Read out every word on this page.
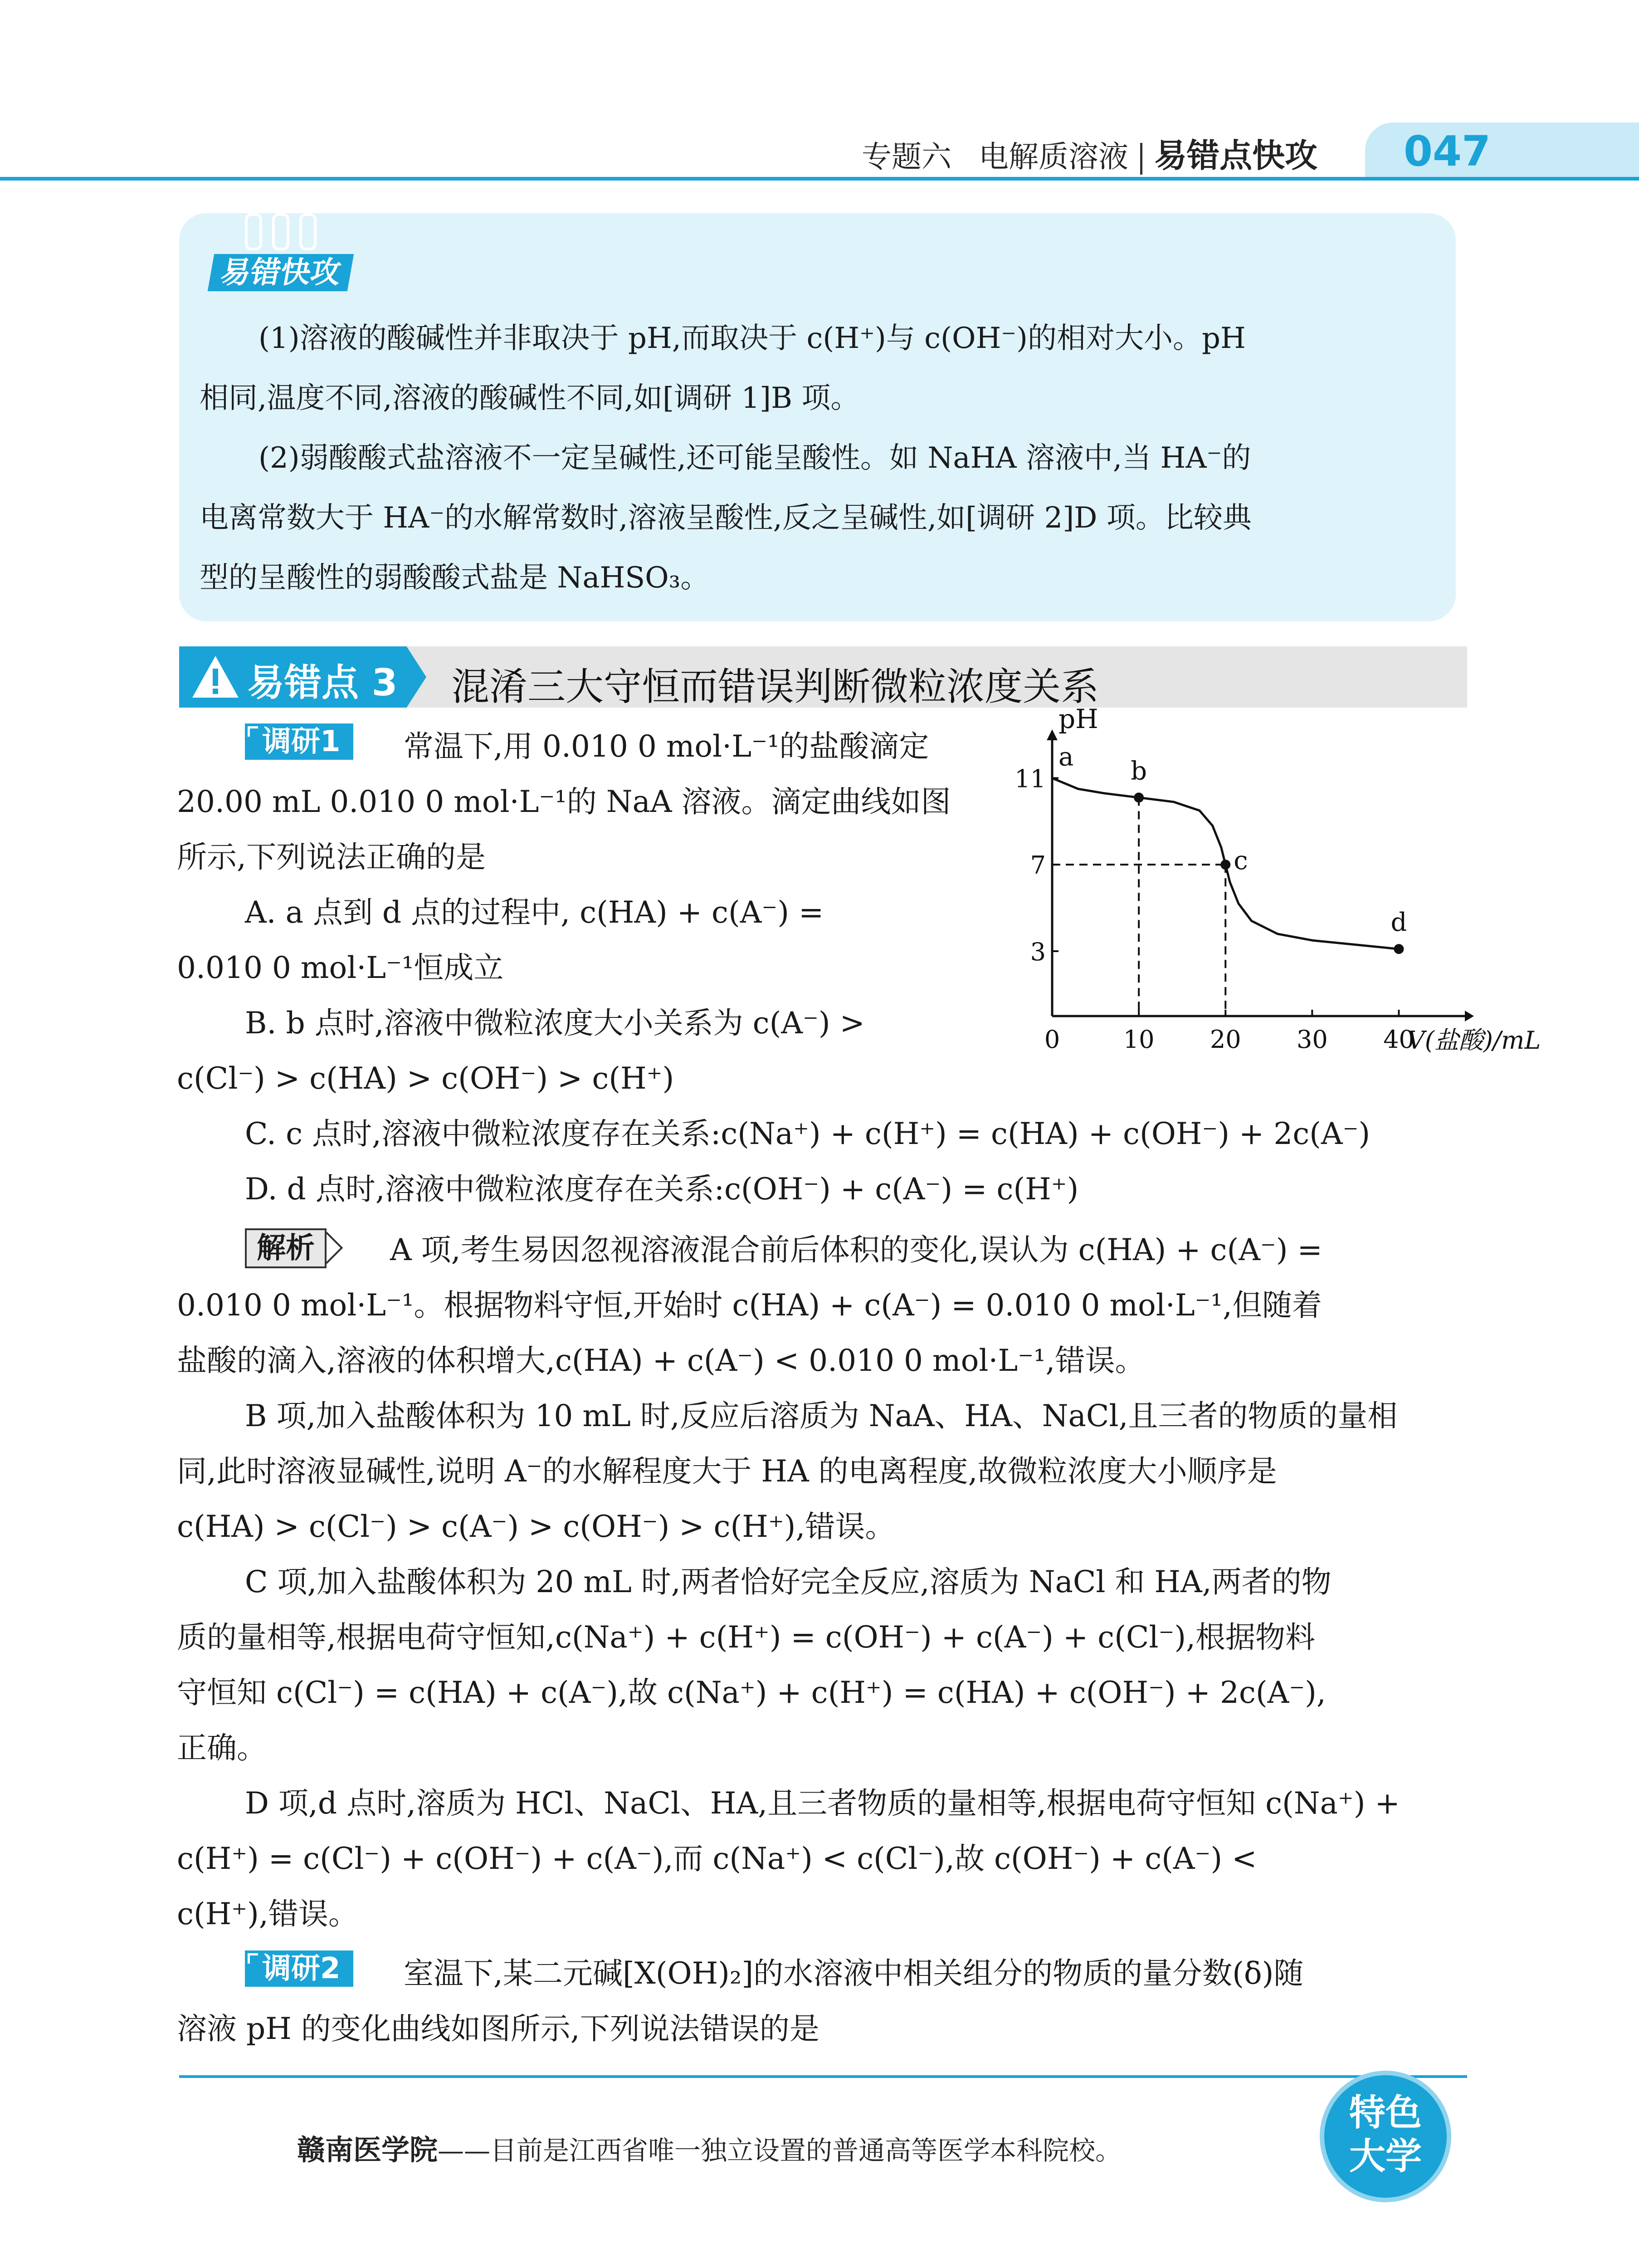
专题六 电解质溶液 易错点快攻 047
易错快攻
(1)溶液的酸碱性并非取决于 pH,而取决于 c(H⁺)与 c(OH⁻)的相对大小。pH

相同,温度不同,溶液的酸碱性不同,如[调研 1]B 项。
(2)弱酸酸式盐溶液不一定呈碱性,还可能呈酸性。如 NaHA 溶液中,当 HA⁻的
电离常数大于 HA⁻的水解常数时,溶液呈酸性,反之呈碱性,如[调研 2]D 项。比较典
型的呈酸性的弱酸酸式盐是 NaHSO₃。
易错点 3 混淆三大守恒而错误判断微粒浓度关系
调研1	常温下,用 0.010 0 mol·L⁻¹的盐酸滴定
20.00 mL 0.010 0 mol·L⁻¹的 NaA 溶液。滴定曲线如图
所示,下列说法正确的是
A. a 点到 d 点的过程中, c(HA) + c(A⁻) =
0.010 0 mol·L⁻¹恒成立
B. b 点时,溶液中微粒浓度大小关系为 c(A⁻) >
c(Cl⁻) > c(HA) > c(OH⁻) > c(H⁺)
C. c 点时,溶液中微粒浓度存在关系:c(Na⁺) + c(H⁺) = c(HA) + c(OH⁻) + 2c(A⁻)
D. d 点时,溶液中微粒浓度存在关系:c(OH⁻) + c(A⁻) = c(H⁺)
0	10 20 30 40
3
7
11
pH
V(盐酸)/mL
a b
c
d
解析	A 项,考生易因忽视溶液混合前后体积的变化,误认为 c(HA) + c(A⁻) =
0.010 0 mol·L⁻¹。根据物料守恒,开始时 c(HA) + c(A⁻) = 0.010 0 mol·L⁻¹,但随着
盐酸的滴入,溶液的体积增大,c(HA) + c(A⁻) < 0.010 0 mol·L⁻¹,错误。
B 项,加入盐酸体积为 10 mL 时,反应后溶质为 NaA、HA、NaCl,且三者的物质的量相
同,此时溶液显碱性,说明 A⁻的水解程度大于 HA 的电离程度,故微粒浓度大小顺序是
c(HA) > c(Cl⁻) > c(A⁻) > c(OH⁻) > c(H⁺),错误。
C 项,加入盐酸体积为 20 mL 时,两者恰好完全反应,溶质为 NaCl 和 HA,两者的物
质的量相等,根据电荷守恒知,c(Na⁺) + c(H⁺) = c(OH⁻) + c(A⁻) + c(Cl⁻),根据物料
守恒知 c(Cl⁻) = c(HA) + c(A⁻),故 c(Na⁺) + c(H⁺) = c(HA) + c(OH⁻) + 2c(A⁻),
正确。
D 项,d 点时,溶质为 HCl、NaCl、HA,且三者物质的量相等,根据电荷守恒知 c(Na⁺) +
c(H⁺) = c(Cl⁻) + c(OH⁻) + c(A⁻),而 c(Na⁺) < c(Cl⁻),故 c(OH⁻) + c(A⁻) <
c(H⁺),错误。
调研2	室温下,某二元碱[X(OH)₂]的水溶液中相关组分的物质的量分数(δ)随
溶液 pH 的变化曲线如图所示,下列说法错误的是
赣南医学院——目前是江西省唯一独立设置的普通高等医学本科院校。
特色大学
